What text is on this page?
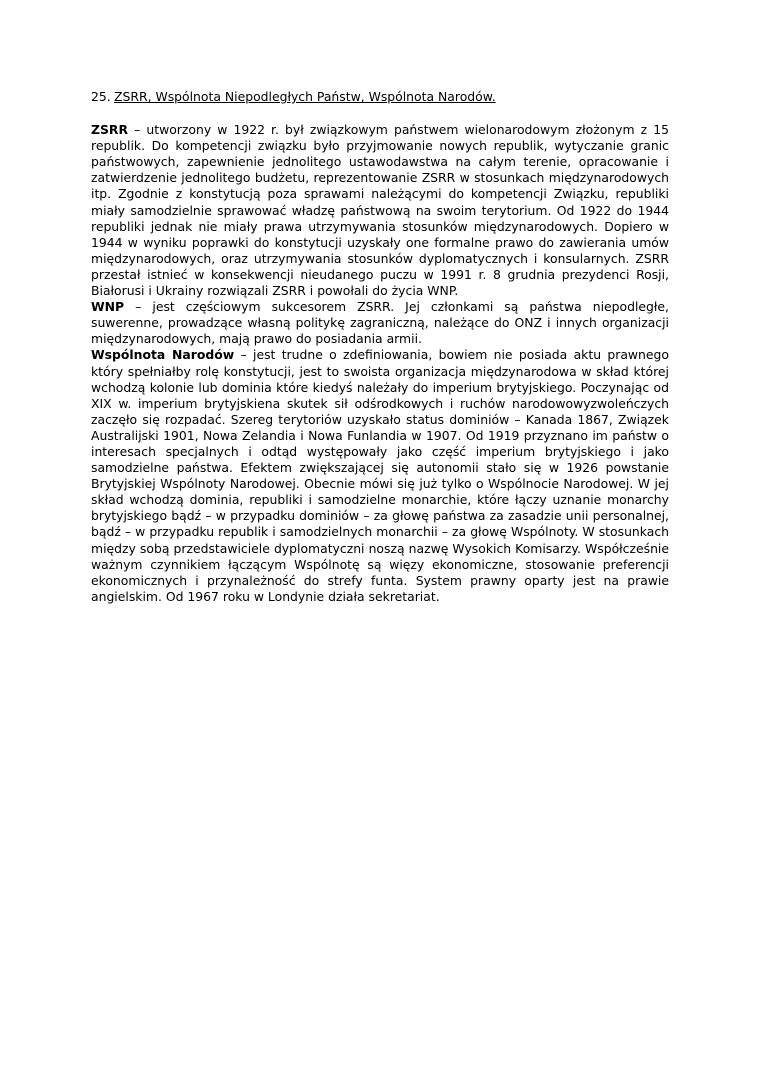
25. ZSRR, Wspólnota Niepodległych Państw, Wspólnota Narodów.

ZSRR – utworzony w 1922 r. był związkowym państwem wielonarodowym złożonym z 15 republik. Do kompetencji związku było przyjmowanie nowych republik, wytyczanie granic państwowych, zapewnienie jednolitego ustawodawstwa na całym terenie, opracowanie i zatwierdzenie jednolitego budżetu, reprezentowanie ZSRR w stosunkach międzynarodowych itp. Zgodnie z konstytucją poza sprawami należącymi do kompetencji Związku, republiki miały samodzielnie sprawować władzę państwową na swoim terytorium. Od 1922 do 1944 republiki jednak nie miały prawa utrzymywania stosunków międzynarodowych. Dopiero w 1944 w wyniku poprawki do konstytucji uzyskały one formalne prawo do zawierania umów międzynarodowych, oraz utrzymywania stosunków dyplomatycznych i konsularnych. ZSRR przestał istnieć w konsekwencji nieudanego puczu w 1991 r. 8 grudnia prezydenci Rosji, Białorusi i Ukrainy rozwiązali ZSRR i powołali do życia WNP.

WNP – jest częściowym sukcesorem ZSRR. Jej członkami są państwa niepodległe, suwerenne, prowadzące własną politykę zagraniczną, należące do ONZ i innych organizacji międzynarodowych, mają prawo do posiadania armii.

Wspólnota Narodów – jest trudne o zdefiniowania, bowiem nie posiada aktu prawnego który spełniałby rolę konstytucji, jest to swoista organizacja międzynarodowa w skład której wchodzą kolonie lub dominia które kiedyś należały do imperium brytyjskiego. Poczynając od XIX w. imperium brytyjskiena skutek sił odśrodkowych i ruchów narodowowyzwoleńczych zaczęło się rozpadać. Szereg terytoriów uzyskało status dominiów – Kanada 1867, Związek Australijski 1901, Nowa Zelandia i Nowa Funlandia w 1907. Od 1919 przyznano im państw o interesach specjalnych i odtąd występowały jako część imperium brytyjskiego i jako samodzielne państwa. Efektem zwiększającej się autonomii stało się w 1926 powstanie Brytyjskiej Wspólnoty Narodowej. Obecnie mówi się już tylko o Wspólnocie Narodowej. W jej skład wchodzą dominia, republiki i samodzielne monarchie, które łączy uznanie monarchy brytyjskiego bądź – w przypadku dominiów – za głowę państwa za zasadzie unii personalnej, bądź – w przypadku republik i samodzielnych monarchii – za głowę Wspólnoty. W stosunkach między sobą przedstawiciele dyplomatyczni noszą nazwę Wysokich Komisarzy. Współcześnie ważnym czynnikiem łączącym Wspólnotę są więzy ekonomiczne, stosowanie preferencji ekonomicznych i przynależność do strefy funta. System prawny oparty jest na prawie angielskim. Od 1967 roku w Londynie działa sekretariat.
